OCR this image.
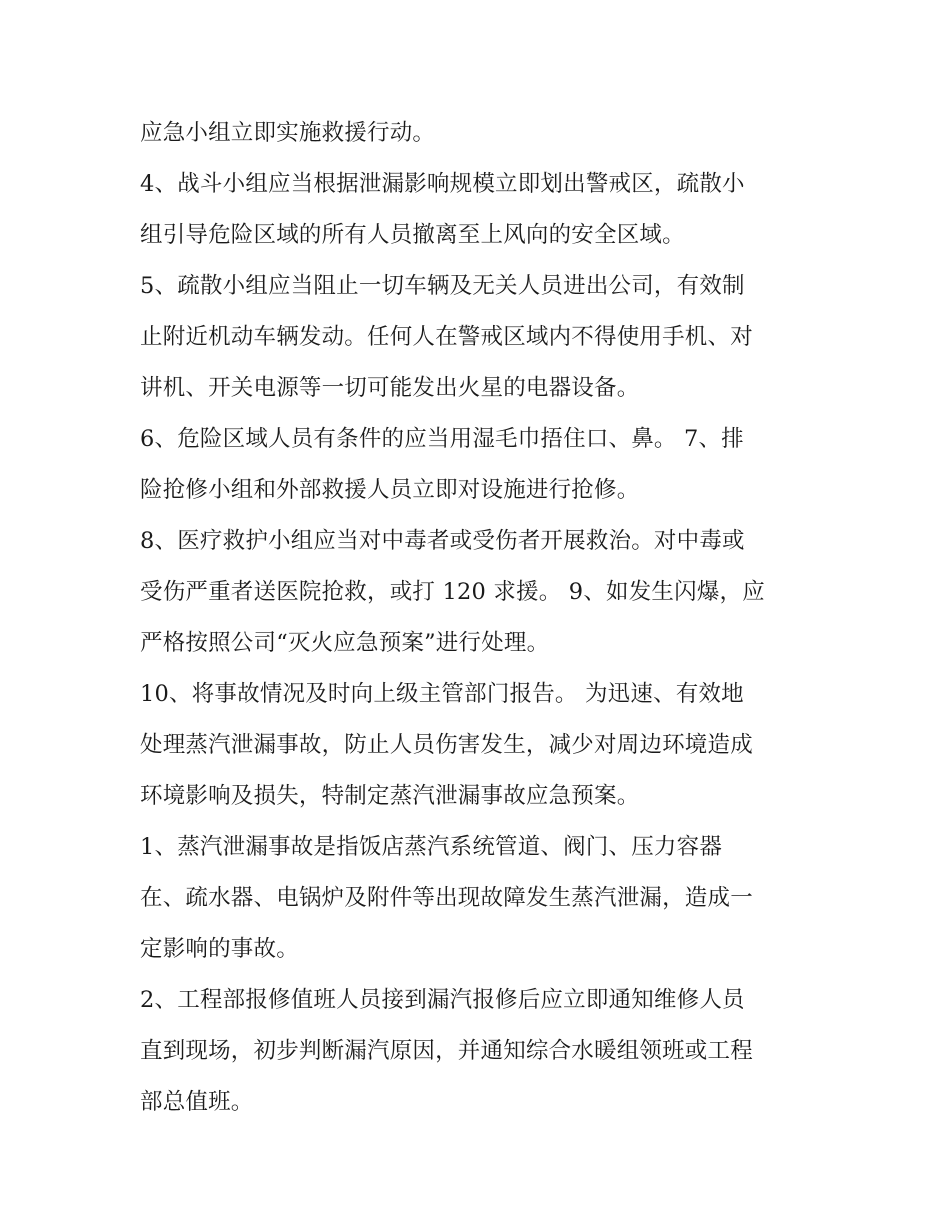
应急小组立即实施救援行动。
4、战斗小组应当根据泄漏影响规模立即划出警戒区，疏散小
组引导危险区域的所有人员撤离至上风向的安全区域。
5、疏散小组应当阻止一切车辆及无关人员进出公司，有效制
止附近机动车辆发动。任何人在警戒区域内不得使用手机、对
讲机、开关电源等一切可能发出火星的电器设备。
6、危险区域人员有条件的应当用湿毛巾捂住口、鼻。 7、排
险抢修小组和外部救援人员立即对设施进行抢修。
8、医疗救护小组应当对中毒者或受伤者开展救治。对中毒或
受伤严重者送医院抢救，或打 120 求援。 9、如发生闪爆，应
严格按照公司“灭火应急预案”进行处理。
10、将事故情况及时向上级主管部门报告。 为迅速、有效地
处理蒸汽泄漏事故，防止人员伤害发生，减少对周边环境造成
环境影响及损失，特制定蒸汽泄漏事故应急预案。
1、蒸汽泄漏事故是指饭店蒸汽系统管道、阀门、压力容器
在、疏水器、电锅炉及附件等出现故障发生蒸汽泄漏，造成一
定影响的事故。
2、工程部报修值班人员接到漏汽报修后应立即通知维修人员
直到现场，初步判断漏汽原因，并通知综合水暖组领班或工程
部总值班。
